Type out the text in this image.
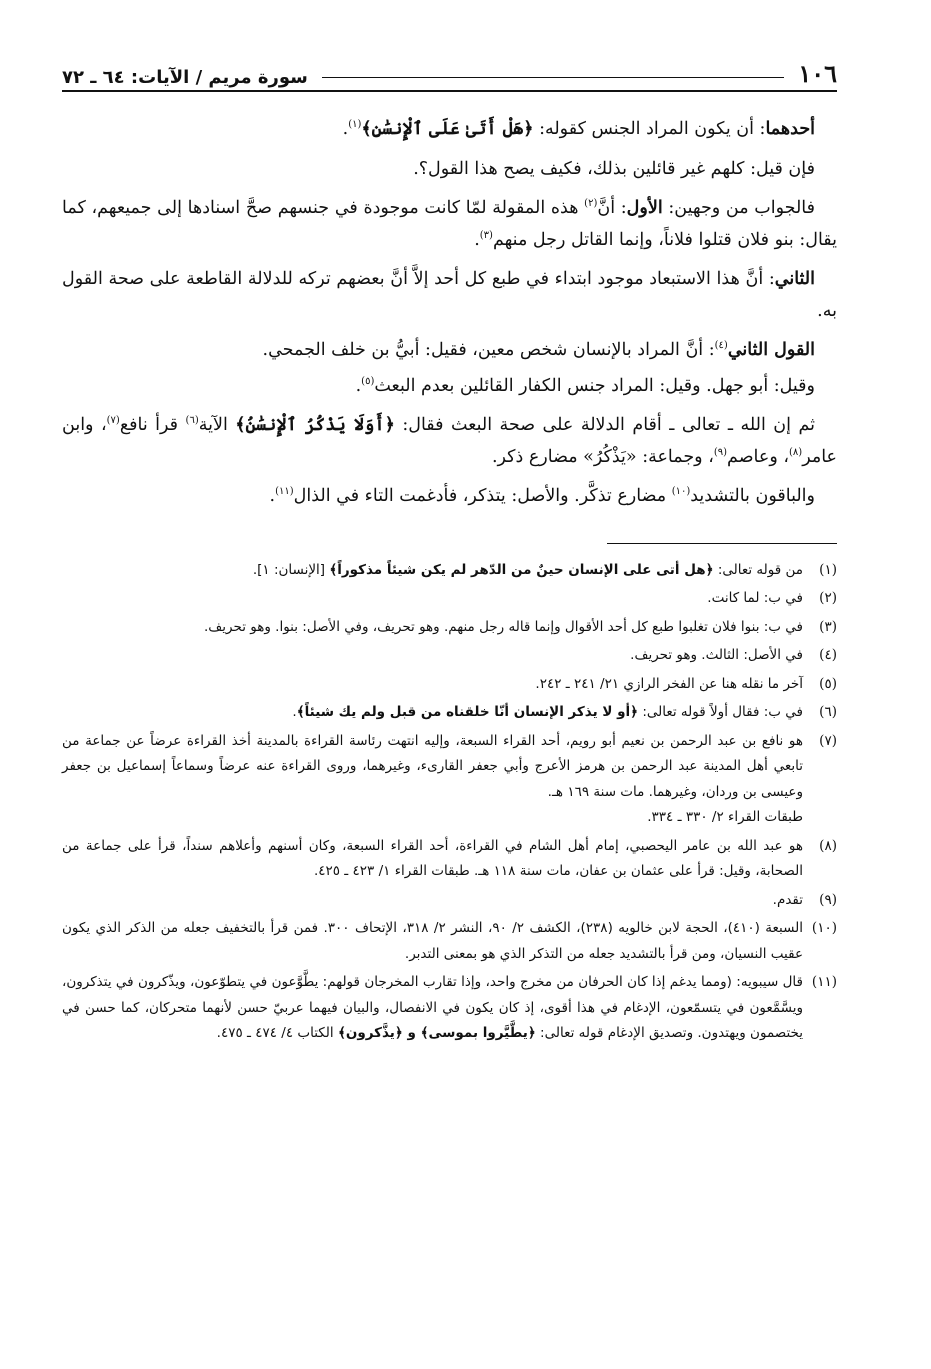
١٠٦
سورة مريم / الآيات: ٦٤ ـ ٧٢

أحدهما: أن يكون المراد الجنس كقوله: ﴿هَلْ أَتَىٰ عَلَى ٱلْإِنسَٰنِ﴾$^{(١)}$.

فإن قيل: كلهم غير قائلين بذلك، فكيف يصح هذا القول؟.

فالجواب من وجهين: الأول: أنَّ$^{(٢)}$ هذه المقولة لمّا كانت موجودة في جنسهم صحَّ اسنادها إلى جميعهم، كما يقال: بنو فلان قتلوا فلاناً، وإنما القاتل رجل منهم$^{(٣)}$.

الثاني: أنَّ هذا الاستبعاد موجود ابتداء في طبع كل أحد إلاَّ أنَّ بعضهم تركه للدلالة القاطعة على صحة القول به.

القول الثاني$^{(٤)}$: أنَّ المراد بالإنسان شخص معين، فقيل: أبيُّ بن خلف الجمحي.

وقيل: أبو جهل. وقيل: المراد جنس الكفار القائلين بعدم البعث$^{(٥)}$.

ثم إن الله ـ تعالى ـ أقام الدلالة على صحة البعث فقال: ﴿أَوَلَا يَذْكُرُ ٱلْإِنسَٰنُ﴾ الآية$^{(٦)}$ قرأ نافع$^{(٧)}$، وابن عامر$^{(٨)}$، وعاصم$^{(٩)}$، وجماعة: «يَذْكُرُ» مضارع ذكر.

والباقون بالتشديد$^{(١٠)}$ مضارع تذكَّر. والأصل: يتذكر، فأدغمت التاء في الذال$^{(١١)}$.

(١)
من قوله تعالى: ﴿هل أتى على الإنسان حينٌ من الدّهر لم يكن شيئاً مذكوراً﴾ [الإنسان: ١].
(٢)
في ب: لما كانت.
(٣)
في ب: بنوا فلان تغلبوا طبع كل أحد الأقوال وإنما قاله رجل منهم. وهو تحريف، وفي الأصل: بنوا. وهو تحريف.
(٤)
في الأصل: الثالث. وهو تحريف.
(٥)
آخر ما نقله هنا عن الفخر الرازي ٢١/ ٢٤١ ـ ٢٤٢.
(٦)
في ب: فقال أولاً قوله تعالى: ﴿أو لا يذكر الإنسان أنّا خلقناه من قبل ولم يك شيئاً﴾.
(٧)
هو نافع بن عبد الرحمن بن نعيم أبو رويم، أحد القراء السبعة، وإليه انتهت رئاسة القراءة بالمدينة أخذ القراءة عرضاً عن جماعة من تابعي أهل المدينة عبد الرحمن بن هرمز الأعرج وأبي جعفر القارىء، وغيرهما، وروى القراءة عنه عرضاً وسماعاً إسماعيل بن جعفر وعيسى بن وردان، وغيرهما. مات سنة ١٦٩ هـ.
طبقات القراء ٢/ ٣٣٠ ـ ٣٣٤.
(٨)
هو عبد الله بن عامر اليحصبي، إمام أهل الشام في القراءة، أحد القراء السبعة، وكان أسنهم وأعلاهم سنداً، قرأ على جماعة من الصحابة، وقيل: قرأ على عثمان بن عفان، مات سنة ١١٨ هـ. طبقات القراء ١/ ٤٢٣ ـ ٤٢٥.
(٩)
تقدم.
(١٠)
السبعة (٤١٠)، الحجة لابن خالويه (٢٣٨)، الكشف ٢/ ٩٠، النشر ٢/ ٣١٨، الإتحاف ٣٠٠. فمن قرأ بالتخفيف جعله من الذكر الذي يكون عقيب النسيان، ومن قرأ بالتشديد جعله من التذكر الذي هو بمعنى التدبر.
(١١)
قال سيبويه: (ومما يدغم إذا كان الحرفان من مخرج واحد، وإذا تقارب المخرجان قولهم: يطَّوَّعون في يتطوّعون، ويذّكرون في يتذكرون، ويسَّمَّعون في يتسمّعون، الإدغام في هذا أقوى، إذ كان يكون في الانفصال، والبيان فيهما عربيّ حسن لأنهما متحركان، كما حسن في يختصمون ويهتدون. وتصديق الإدغام قوله تعالى: ﴿يطَّيَّروا بموسى﴾ و ﴿يذَّكرون﴾ الكتاب ٤/ ٤٧٤ ـ ٤٧٥.
